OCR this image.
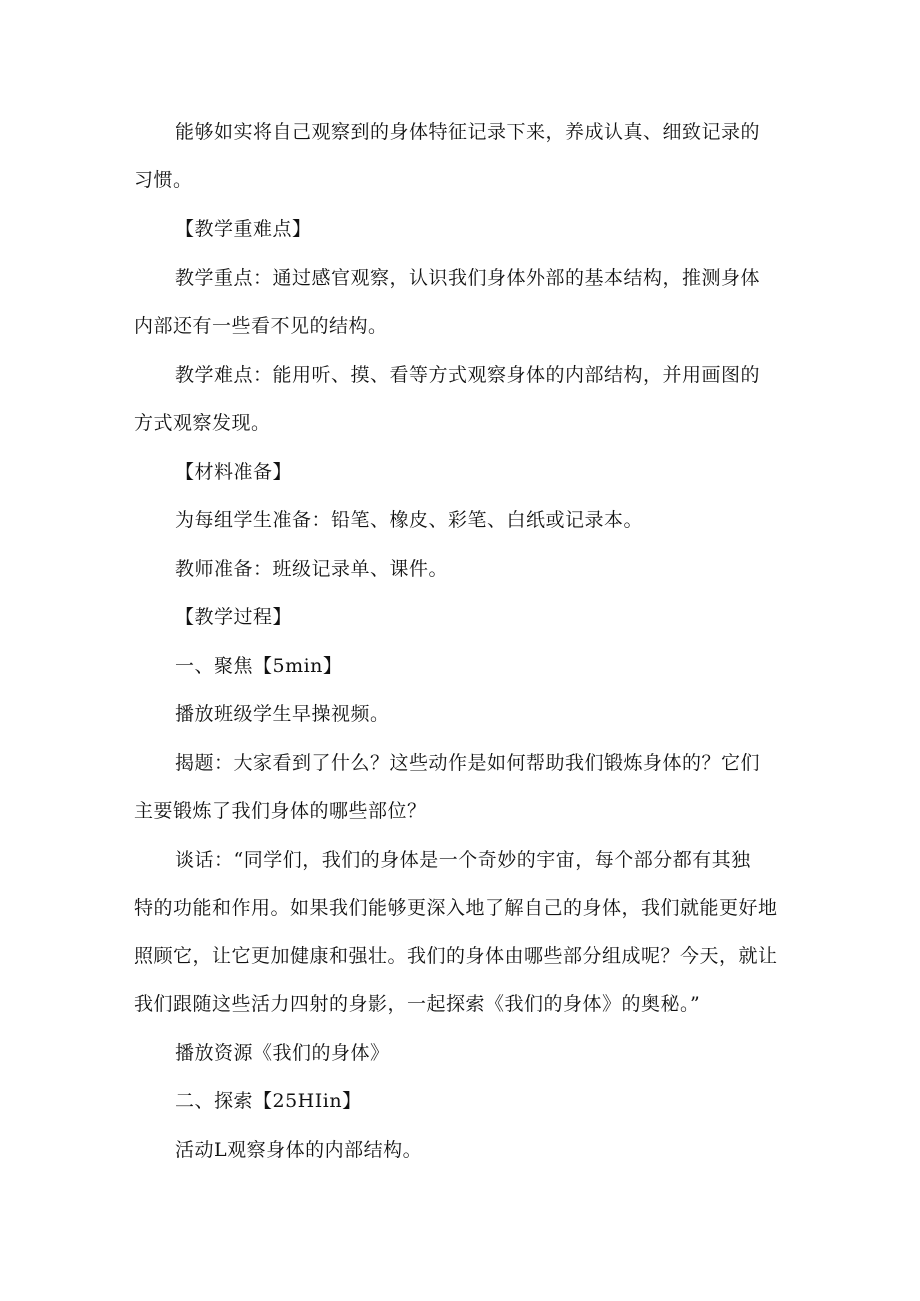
能够如实将自己观察到的身体特征记录下来，养成认真、细致记录的
习惯。
【教学重难点】
教学重点：通过感官观察，认识我们身体外部的基本结构，推测身体
内部还有一些看不见的结构。
教学难点：能用听、摸、看等方式观察身体的内部结构，并用画图的
方式观察发现。
【材料准备】
为每组学生准备：铅笔、橡皮、彩笔、白纸或记录本。
教师准备：班级记录单、课件。
【教学过程】
一、聚焦【5min】
播放班级学生早操视频。
揭题：大家看到了什么？这些动作是如何帮助我们锻炼身体的？它们
主要锻炼了我们身体的哪些部位？
谈话：“同学们，我们的身体是一个奇妙的宇宙，每个部分都有其独
特的功能和作用。如果我们能够更深入地了解自己的身体，我们就能更好地
照顾它，让它更加健康和强壮。我们的身体由哪些部分组成呢？今天，就让
我们跟随这些活力四射的身影，一起探索《我们的身体》的奥秘。”
播放资源《我们的身体》
二、探索【25HIin】
活动L观察身体的内部结构。
